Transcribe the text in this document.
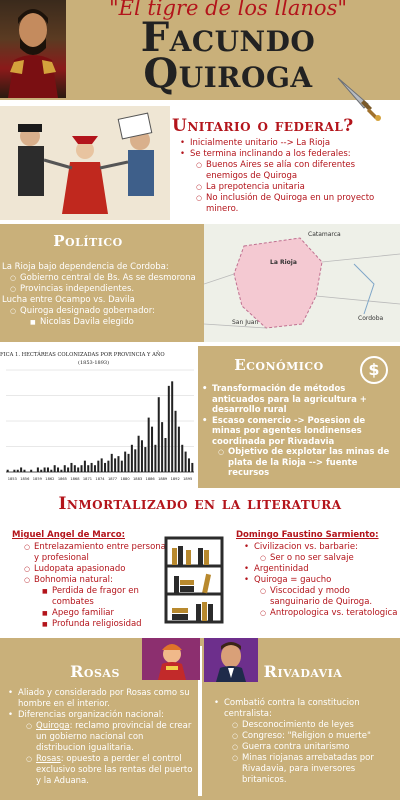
"El tigre de los llanos"
Facundo
Quiroga
Unitario o federal?
• Inicialmente unitario --> La Rioja
• Se termina inclinando a los federales:
○ Buenos Aires se alía con diferentes enemigos de Quiroga
○ La prepotencia unitaria
○ No inclusión de Quiroga en un proyecto minero.
Político
La Rioja bajo dependencia de Cordoba:
○ Gobierno central de Bs. As se desmorona
○ Provincias independientes.
Lucha entre Ocampo vs. Davila
○ Quiroga designado gobernador:
■ Nicolas Davila elegido
Catamarca
La Rioja
San Juan
Cordoba
FICA 1. HECTÁREAS COLONIZADAS POR PROVINCIA Y AÑO
(1853-1893)
1853 1856 1859 1862 1865 1868 1871 1874 1877 1880 1883 1886 1889 1892 1895
Económico	$
• Transformación de métodos anticuados para la agricultura + desarrollo rural
• Escaso comercio -> Posesion de minas por agentes londinenses coordinada por Rivadavia
○ Objetivo de explotar las minas de plata de la Rioja --> fuente recursos
Inmortalizado en la literatura
Miguel Angel de Marco:
○ Entrelazamiento entre personal y profesional
○ Ludopata apasionado
○ Bohnomia natural:
■ Perdida de fragor en combates
■ Apego familiar
■ Profunda religiosidad
Domingo Faustino Sarmiento:
• Civilizacion vs. barbarie:
○ Ser o no ser salvaje
• Argentinidad
• Quiroga = gaucho
○ Viscocidad y modo sanguinario de Quiroga.
○ Antropologica vs. teratologica
Rosas	Rivadavia
• Aliado y considerado por Rosas como su hombre en el interior.
• Diferencias organización nacional:
○ Quiroga: reclamo provincial de crear un gobierno nacional con distribucion igualitaria.
○ Rosas: opuesto a perder el control exclusivo sobre las rentas del puerto y la Aduana.
• Combatió contra la constitucion centralista:
○ Desconocimiento de leyes
○ Congreso: "Religion o muerte"
○ Guerra contra unitarismo
○ Minas riojanas arrebatadas por Rivadavia, para inversores britanicos.
